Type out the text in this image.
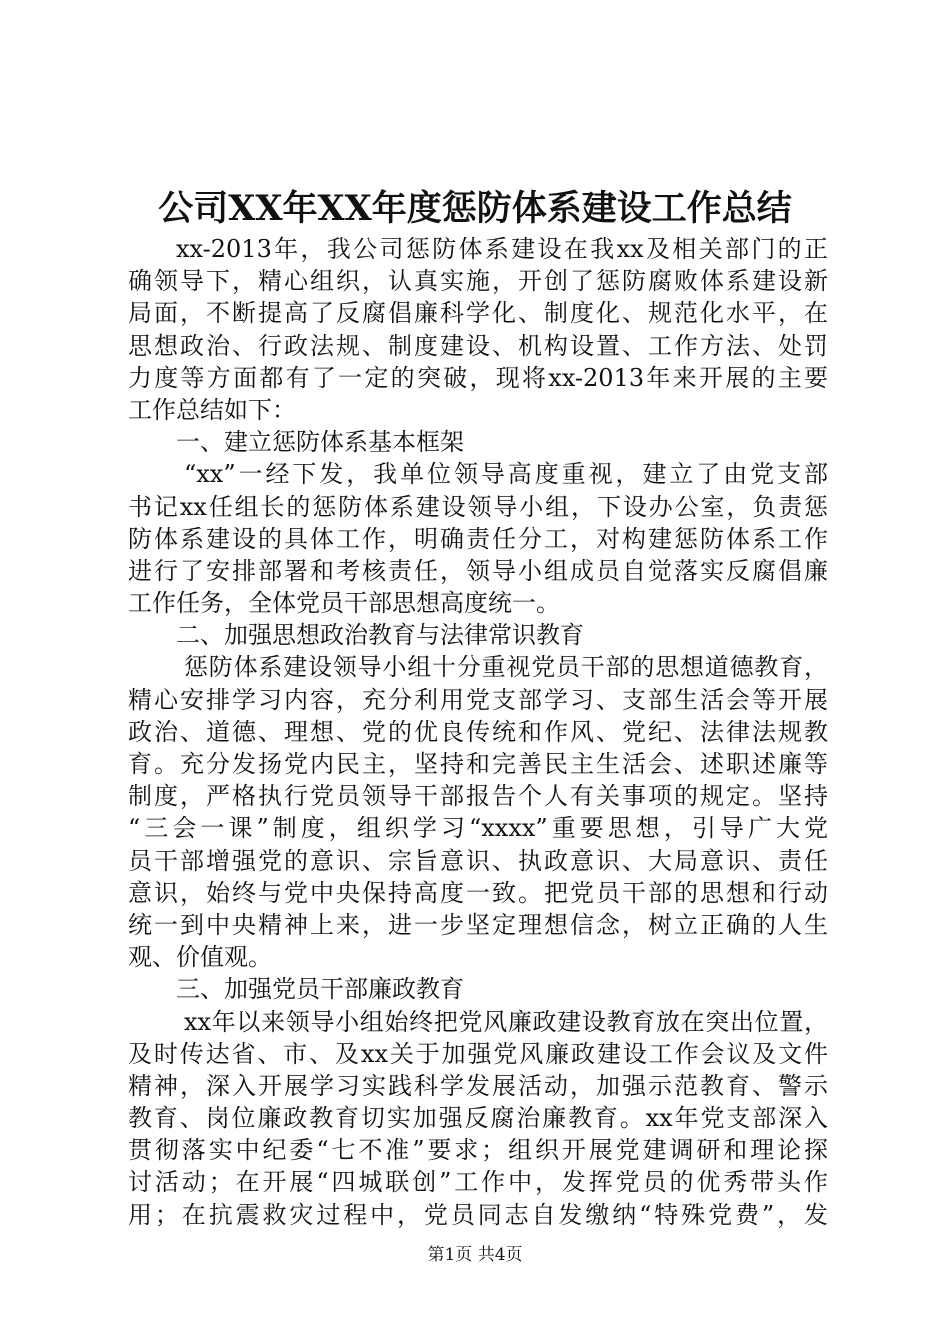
公司XX年XX年度惩防体系建设工作总结
xx-2013年，我公司惩防体系建设在我xx及相关部门的正
确领导下，精心组织，认真实施，开创了惩防腐败体系建设新
局面，不断提高了反腐倡廉科学化、制度化、规范化水平，在
思想政治、行政法规、制度建设、机构设置、工作方法、处罚
力度等方面都有了一定的突破，现将xx-2013年来开展的主要
工作总结如下：
一、建立惩防体系基本框架
“xx”一经下发，我单位领导高度重视，建立了由党支部
书记xx任组长的惩防体系建设领导小组，下设办公室，负责惩
防体系建设的具体工作，明确责任分工，对构建惩防体系工作
进行了安排部署和考核责任，领导小组成员自觉落实反腐倡廉
工作任务，全体党员干部思想高度统一。
二、加强思想政治教育与法律常识教育
惩防体系建设领导小组十分重视党员干部的思想道德教育，
精心安排学习内容，充分利用党支部学习、支部生活会等开展
政治、道德、理想、党的优良传统和作风、党纪、法律法规教
育。充分发扬党内民主，坚持和完善民主生活会、述职述廉等
制度，严格执行党员领导干部报告个人有关事项的规定。坚持
“三会一课”制度，组织学习“xxxx”重要思想，引导广大党
员干部增强党的意识、宗旨意识、执政意识、大局意识、责任
意识，始终与党中央保持高度一致。把党员干部的思想和行动
统一到中央精神上来，进一步坚定理想信念，树立正确的人生
观、价值观。
三、加强党员干部廉政教育
xx年以来领导小组始终把党风廉政建设教育放在突出位置，
及时传达省、市、及xx关于加强党风廉政建设工作会议及文件
精神，深入开展学习实践科学发展活动，加强示范教育、警示
教育、岗位廉政教育切实加强反腐治廉教育。xx年党支部深入
贯彻落实中纪委“七不准”要求；组织开展党建调研和理论探
讨活动；在开展“四城联创”工作中，发挥党员的优秀带头作
用；在抗震救灾过程中，党员同志自发缴纳“特殊党费”，发
第1页 共4页
